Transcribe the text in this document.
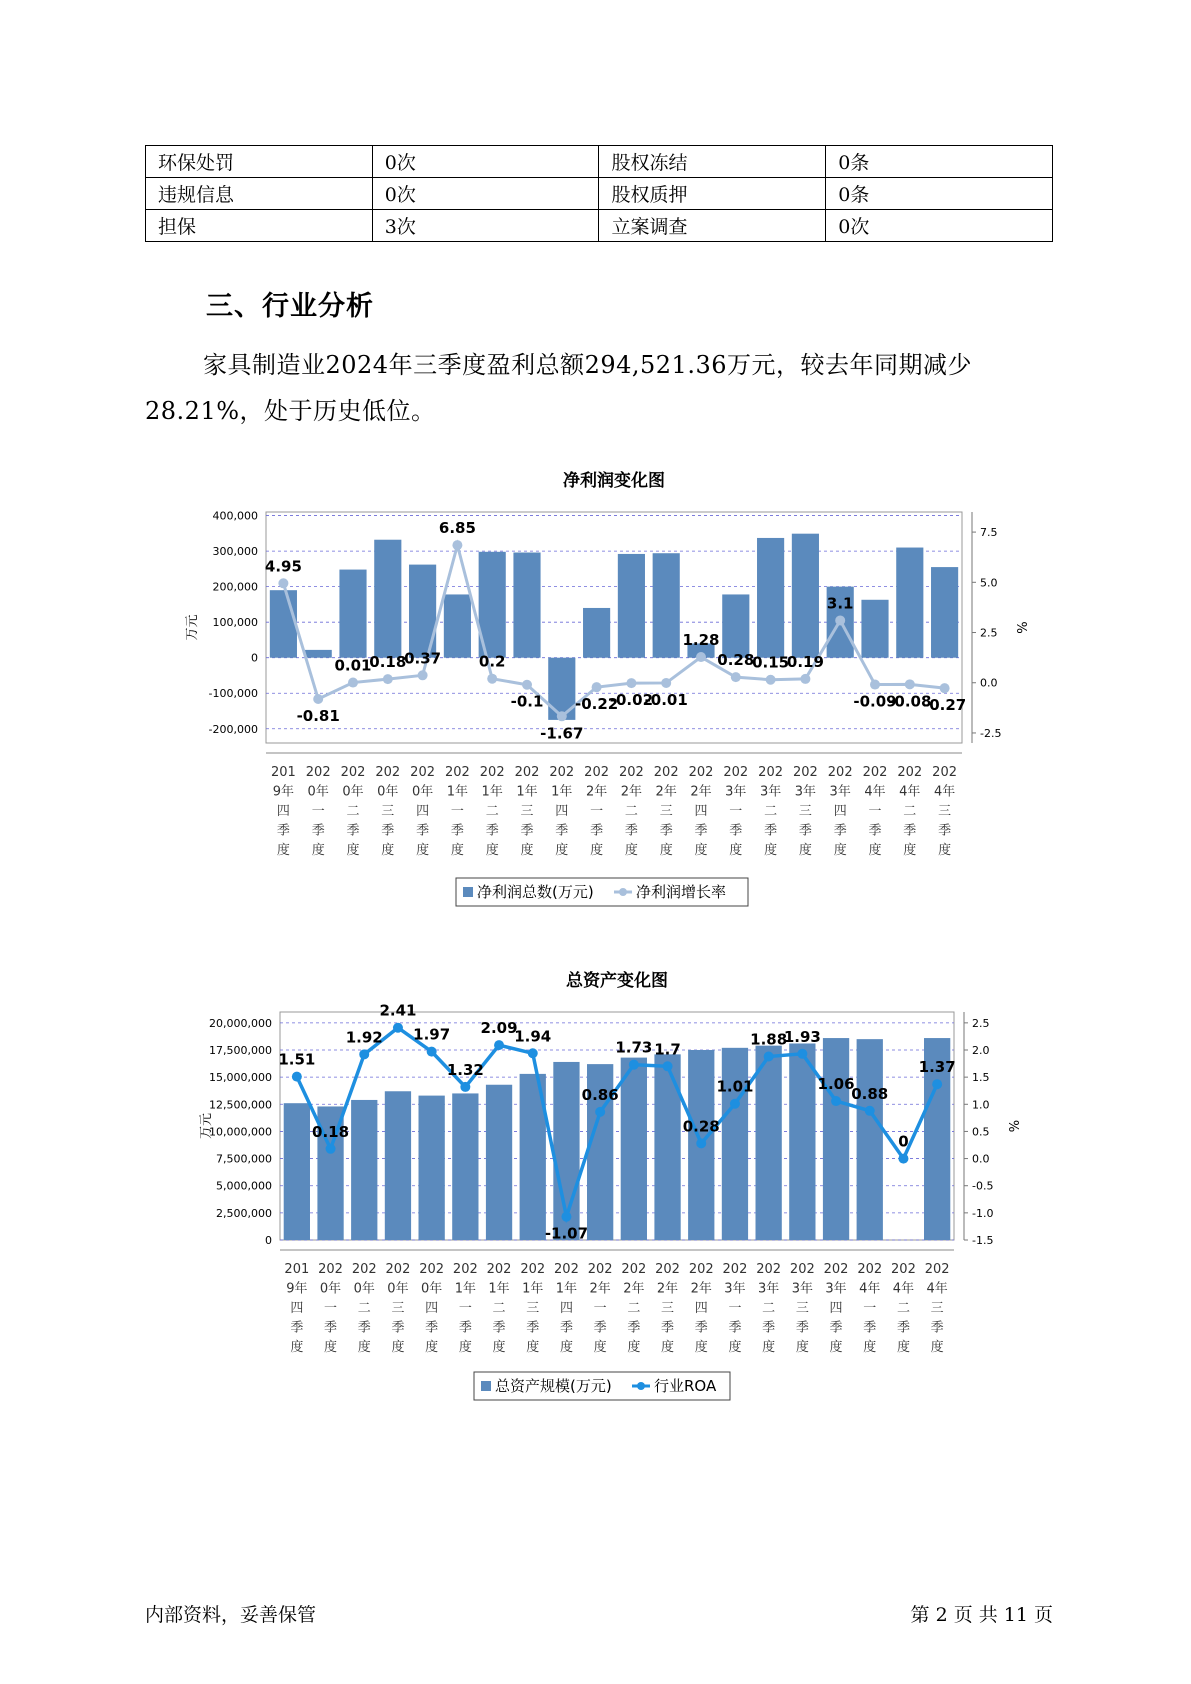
环保处罚	0次	股权冻结	0条
违规信息	0次	股权质押	0条
担保	3次	立案调查	0次
三、行业分析
家具制造业2024年三季度盈利总额294,521.36万元，较去年同期减少28.21%，处于历史低位。
净利润变化图
400,000
300,000
200,000
100,000
0
-100,000
-200,000
7.5
5.0
2.5
0.0
-2.5
万元	%
4.95
-0.81
0.01
0.18
0.37
6.85
0.2
-0.1
-1.67
-0.22
-0.02
-0.01
1.28
0.28
0.15
0.19
3.1
-0.09
-0.08
-0.27
201
9年
四
季
度
202
0年
一
季
度
202
0年
二
季
度
202
0年
三
季
度
202
0年
四
季
度
202
1年
一
季
度
202
1年
二
季
度
202
1年
三
季
度
202
1年
四
季
度
202
2年
一
季
度
202
2年
二
季
度
202
2年
三
季
度
202
2年
四
季
度
202
3年
一
季
度
202
3年
二
季
度
202
3年
三
季
度
202
3年
四
季
度
202
4年
一
季
度
202
4年
二
季
度
202
4年
三
季
度
净利润总数(万元)	净利润增长率
总资产变化图
20,000,000
17,500,000
15,000,000
12,500,000
10,000,000
7,500,000
5,000,000
2,500,000
0
2.5
2.0
1.5
1.0
0.5
0.0
-0.5
-1.0
-1.5
万元	%
1.51
0.18
1.92
2.41
1.97
1.32
2.09
1.94
-1.07
0.86
1.73 1.7
0.28
1.01
1.88
1.93
1.06
0.88
0
1.37
201
9年
四
季
度
202
0年
一
季
度
202
0年
二
季
度
202
0年
三
季
度
202
0年
四
季
度
202
1年
一
季
度
202
1年
二
季
度
202
1年
三
季
度
202
1年
四
季
度
202
2年
一
季
度
202
2年
二
季
度
202
2年
三
季
度
202
2年
四
季
度
202
3年
一
季
度
202
3年
二
季
度
202
3年
三
季
度
202
3年
四
季
度
202
4年
一
季
度
202
4年
二
季
度
202
4年
三
季
度
总资产规模(万元)	行业ROA
内部资料，妥善保管	第 2 页 共 11 页
